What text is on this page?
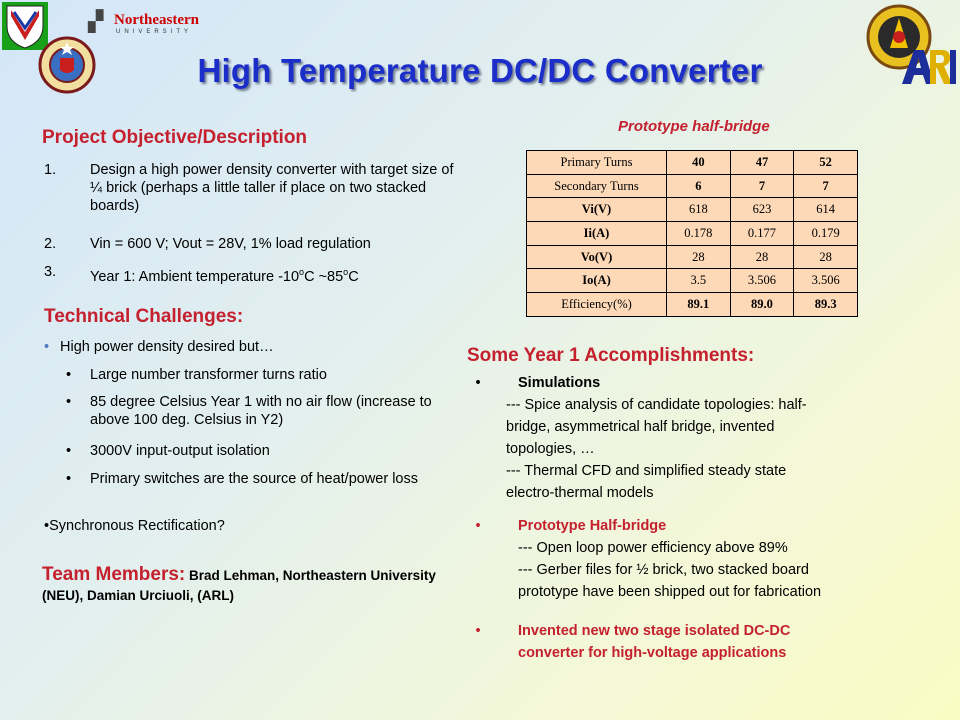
▞ Northeastern
UNIVERSITY
High Temperature DC/DC Converter
Prototype half-bridge
Project Objective/Description
1. Design a high power density converter with target size of ¼ brick (perhaps a little taller if place on two stacked boards)
2. Vin = 600 V; Vout = 28V, 1% load regulation
3. Year 1: Ambient temperature -10$^o$C ~85$^o$C
Technical Challenges:
• High power density desired but…
• Large number transformer turns ratio
• 85 degree Celsius Year 1 with no air flow (increase to above 100 deg. Celsius in Y2)
• 3000V input-output isolation
• Primary switches are the source of heat/power loss
•Synchronous Rectification?
Team Members: Brad Lehman, Northeastern University (NEU), Damian Urciuoli, (ARL)
Primary Turns	40	47	52
Secondary Turns	6	7	7
Vi(V)	618	623	614
Ii(A)	0.178	0.177	0.179
Vo(V)	28	28	28
Io(A)	3.5	3.506	3.506
Efficiency(%)	89.1	89.0	89.3
Some Year 1 Accomplishments:
•	Simulations
--- Spice analysis of candidate topologies: half-
bridge, asymmetrical half bridge, invented
topologies, …
--- Thermal CFD and simplified steady state
electro-thermal models
•	Prototype Half-bridge
--- Open loop power efficiency above 89%
--- Gerber files for ½ brick, two stacked board
prototype have been shipped out for fabrication
•	Invented new two stage isolated DC-DC
converter for high-voltage applications
